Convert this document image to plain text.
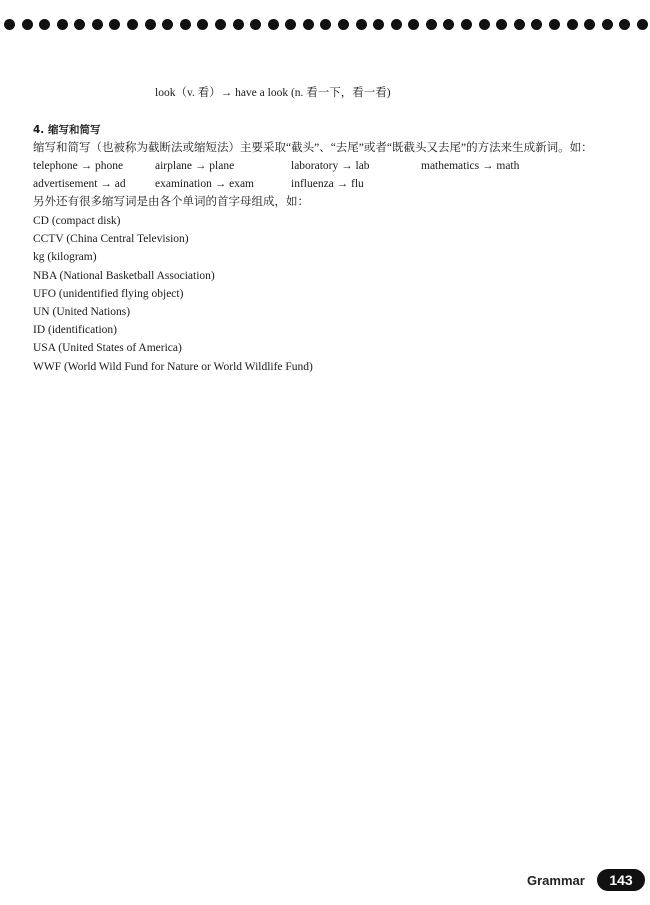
look（v. 看）→ have a look (n. 看一下，看一看)

4. 缩写和简写

缩写和简写（也被称为截断法或缩短法）主要采取“截头”、“去尾”或者“既截头又去尾”的方法来生成新词。如：

telephone → phone	airplane → plane	laboratory → lab	mathematics → math
advertisement → ad	examination → exam	influenza → flu

另外还有很多缩写词是由各个单词的首字母组成，如：

CD (compact disk)
CCTV (China Central Television)
kg (kilogram)
NBA (National Basketball Association)
UFO (unidentified flying object)
UN (United Nations)
ID (identification)
USA (United States of America)
WWF (World Wild Fund for Nature or World Wildlife Fund)
Grammar	143
